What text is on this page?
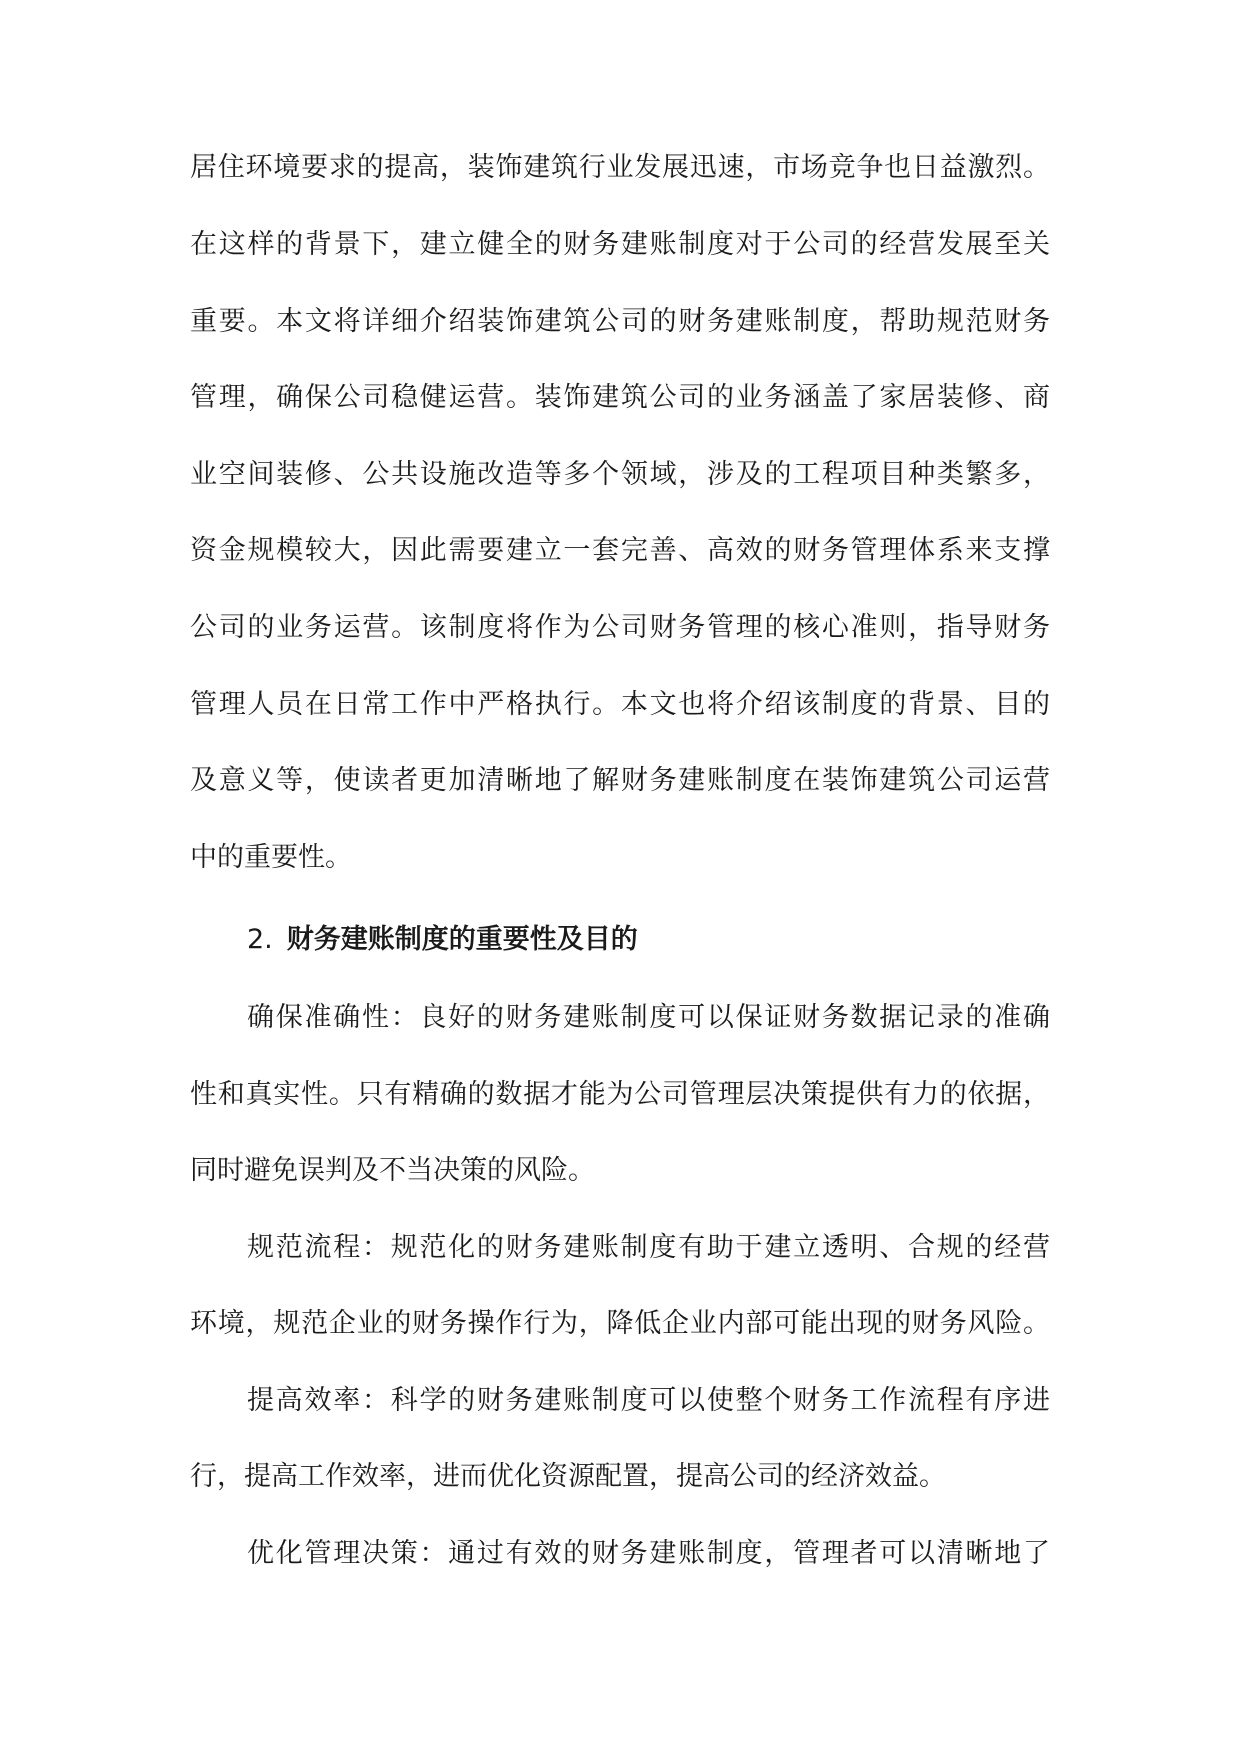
居住环境要求的提高，装饰建筑行业发展迅速，市场竞争也日益激烈。
在这样的背景下，建立健全的财务建账制度对于公司的经营发展至关
重要。本文将详细介绍装饰建筑公司的财务建账制度，帮助规范财务
管理，确保公司稳健运营。装饰建筑公司的业务涵盖了家居装修、商
业空间装修、公共设施改造等多个领域，涉及的工程项目种类繁多，
资金规模较大，因此需要建立一套完善、高效的财务管理体系来支撑
公司的业务运营。该制度将作为公司财务管理的核心准则，指导财务
管理人员在日常工作中严格执行。本文也将介绍该制度的背景、目的
及意义等，使读者更加清晰地了解财务建账制度在装饰建筑公司运营
中的重要性。
2. 财务建账制度的重要性及目的
确保准确性：良好的财务建账制度可以保证财务数据记录的准确
性和真实性。只有精确的数据才能为公司管理层决策提供有力的依据，
同时避免误判及不当决策的风险。
规范流程：规范化的财务建账制度有助于建立透明、合规的经营
环境，规范企业的财务操作行为，降低企业内部可能出现的财务风险。
提高效率：科学的财务建账制度可以使整个财务工作流程有序进
行，提高工作效率，进而优化资源配置，提高公司的经济效益。
优化管理决策：通过有效的财务建账制度，管理者可以清晰地了
